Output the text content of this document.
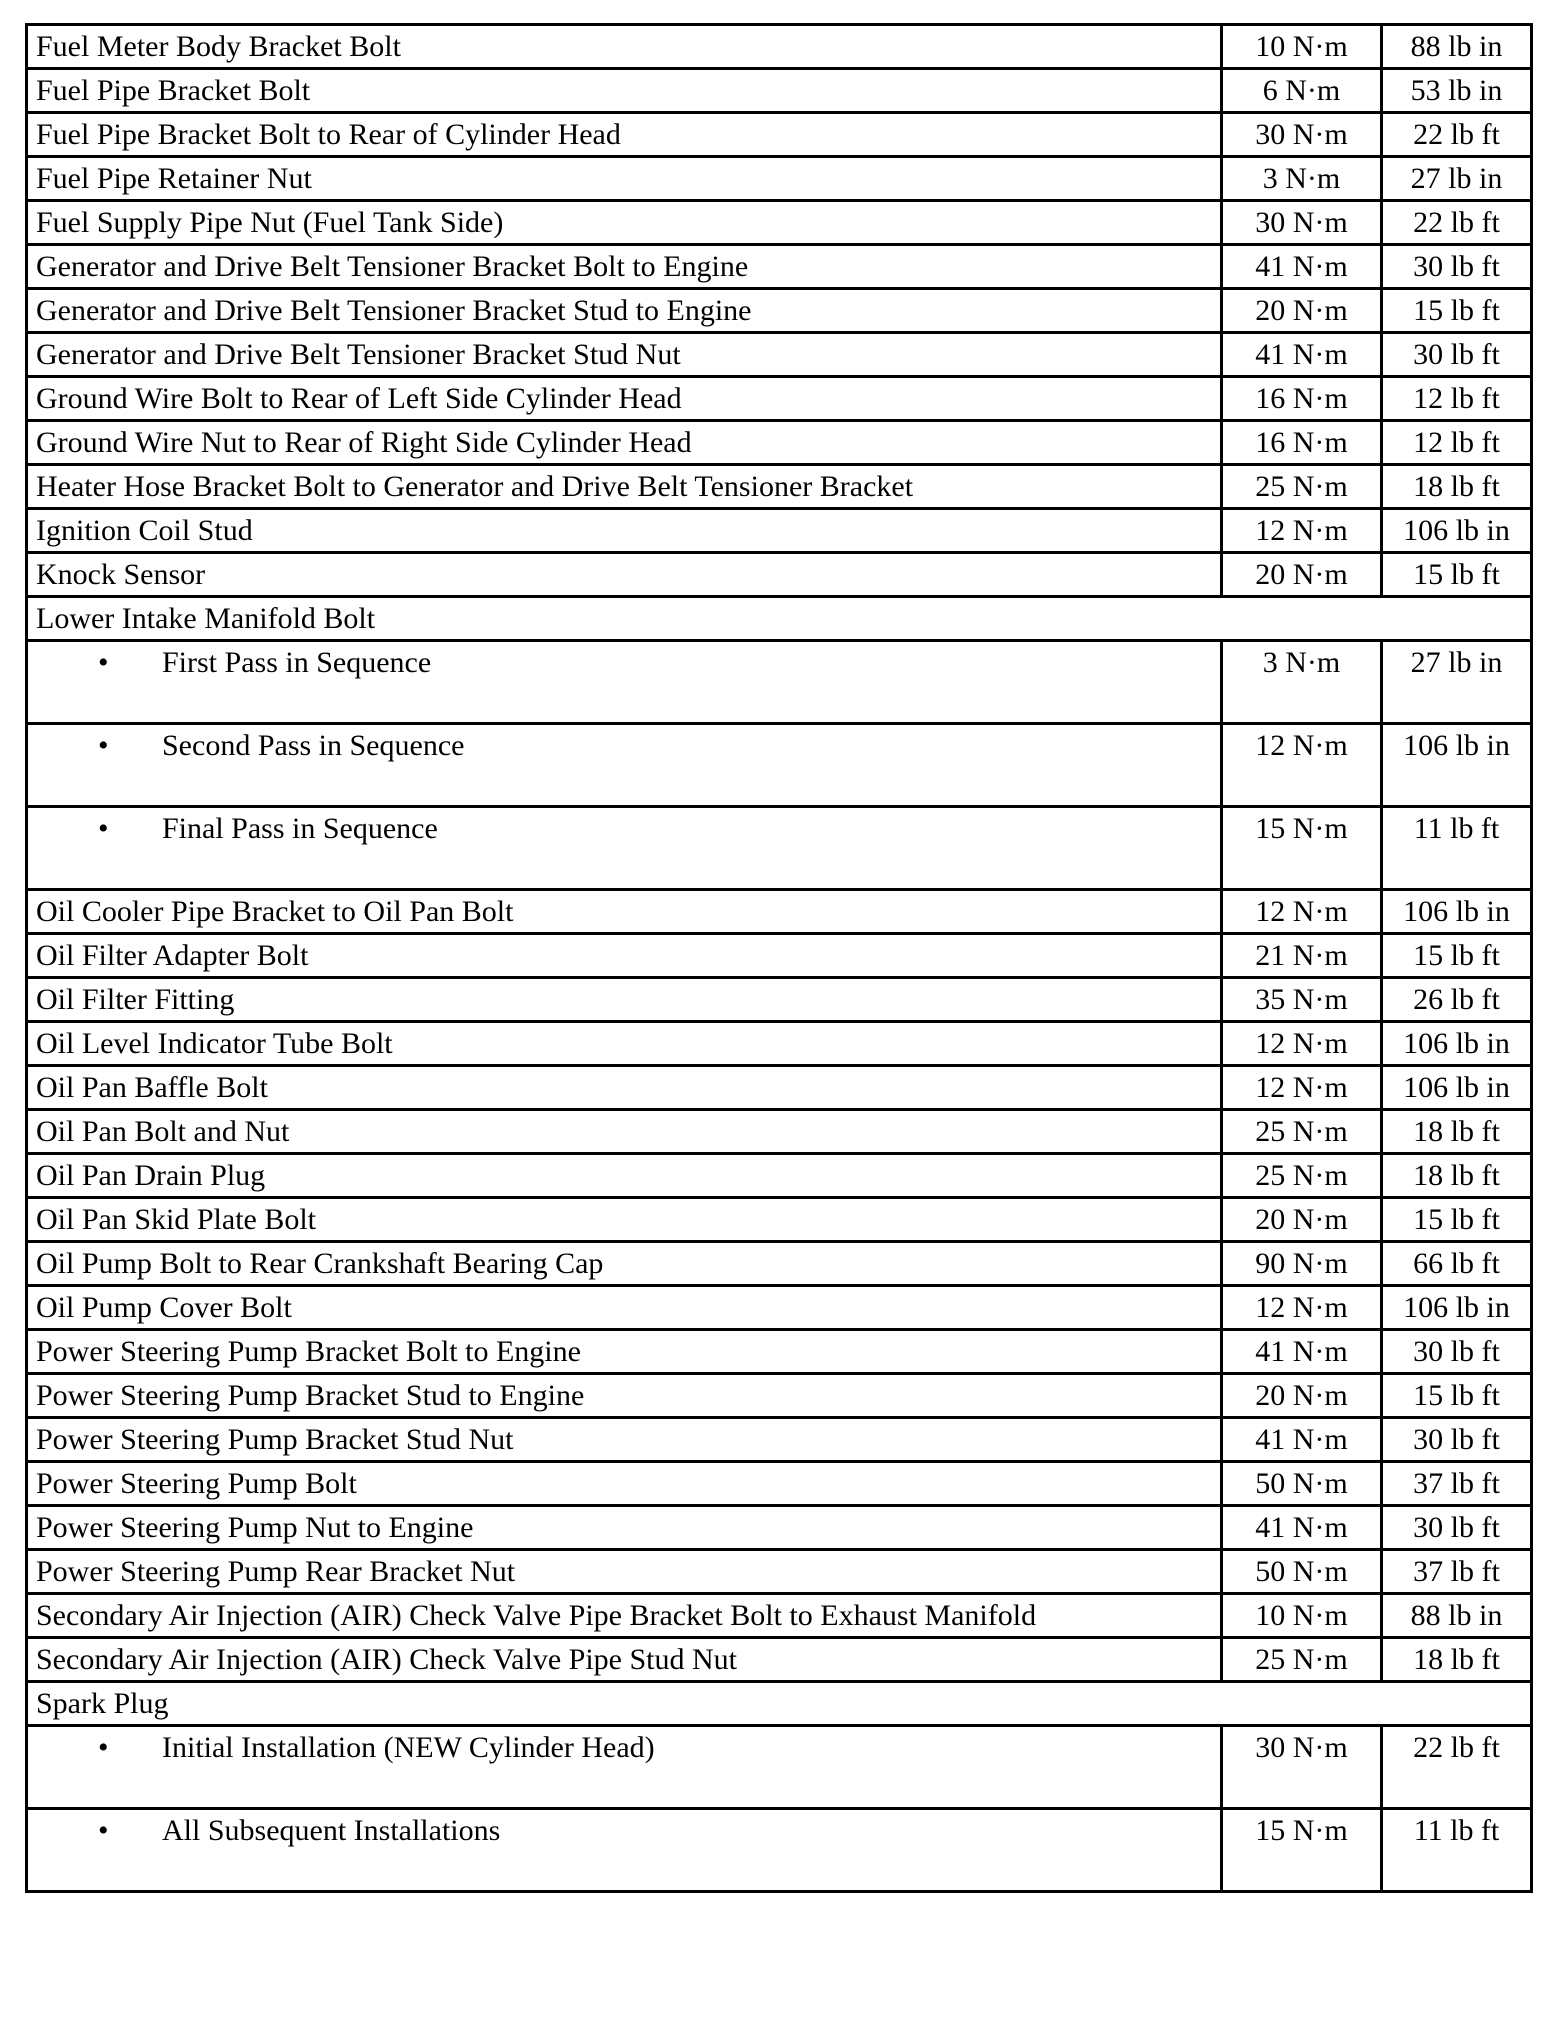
Fuel Meter Body Bracket Bolt	10 N·m	88 lb in
Fuel Pipe Bracket Bolt	6 N·m	53 lb in
Fuel Pipe Bracket Bolt to Rear of Cylinder Head	30 N·m	22 lb ft
Fuel Pipe Retainer Nut	3 N·m	27 lb in
Fuel Supply Pipe Nut (Fuel Tank Side)	30 N·m	22 lb ft
Generator and Drive Belt Tensioner Bracket Bolt to Engine	41 N·m	30 lb ft
Generator and Drive Belt Tensioner Bracket Stud to Engine	20 N·m	15 lb ft
Generator and Drive Belt Tensioner Bracket Stud Nut	41 N·m	30 lb ft
Ground Wire Bolt to Rear of Left Side Cylinder Head	16 N·m	12 lb ft
Ground Wire Nut to Rear of Right Side Cylinder Head	16 N·m	12 lb ft
Heater Hose Bracket Bolt to Generator and Drive Belt Tensioner Bracket	25 N·m	18 lb ft
Ignition Coil Stud	12 N·m	106 lb in
Knock Sensor	20 N·m	15 lb ft
Lower Intake Manifold Bolt		
• First Pass in Sequence	3 N·m	27 lb in
• Second Pass in Sequence	12 N·m	106 lb in
• Final Pass in Sequence	15 N·m	11 lb ft
Oil Cooler Pipe Bracket to Oil Pan Bolt	12 N·m	106 lb in
Oil Filter Adapter Bolt	21 N·m	15 lb ft
Oil Filter Fitting	35 N·m	26 lb ft
Oil Level Indicator Tube Bolt	12 N·m	106 lb in
Oil Pan Baffle Bolt	12 N·m	106 lb in
Oil Pan Bolt and Nut	25 N·m	18 lb ft
Oil Pan Drain Plug	25 N·m	18 lb ft
Oil Pan Skid Plate Bolt	20 N·m	15 lb ft
Oil Pump Bolt to Rear Crankshaft Bearing Cap	90 N·m	66 lb ft
Oil Pump Cover Bolt	12 N·m	106 lb in
Power Steering Pump Bracket Bolt to Engine	41 N·m	30 lb ft
Power Steering Pump Bracket Stud to Engine	20 N·m	15 lb ft
Power Steering Pump Bracket Stud Nut	41 N·m	30 lb ft
Power Steering Pump Bolt	50 N·m	37 lb ft
Power Steering Pump Nut to Engine	41 N·m	30 lb ft
Power Steering Pump Rear Bracket Nut	50 N·m	37 lb ft
Secondary Air Injection (AIR) Check Valve Pipe Bracket Bolt to Exhaust Manifold	10 N·m	88 lb in
Secondary Air Injection (AIR) Check Valve Pipe Stud Nut	25 N·m	18 lb ft
Spark Plug		
• Initial Installation (NEW Cylinder Head)	30 N·m	22 lb ft
• All Subsequent Installations	15 N·m	11 lb ft
